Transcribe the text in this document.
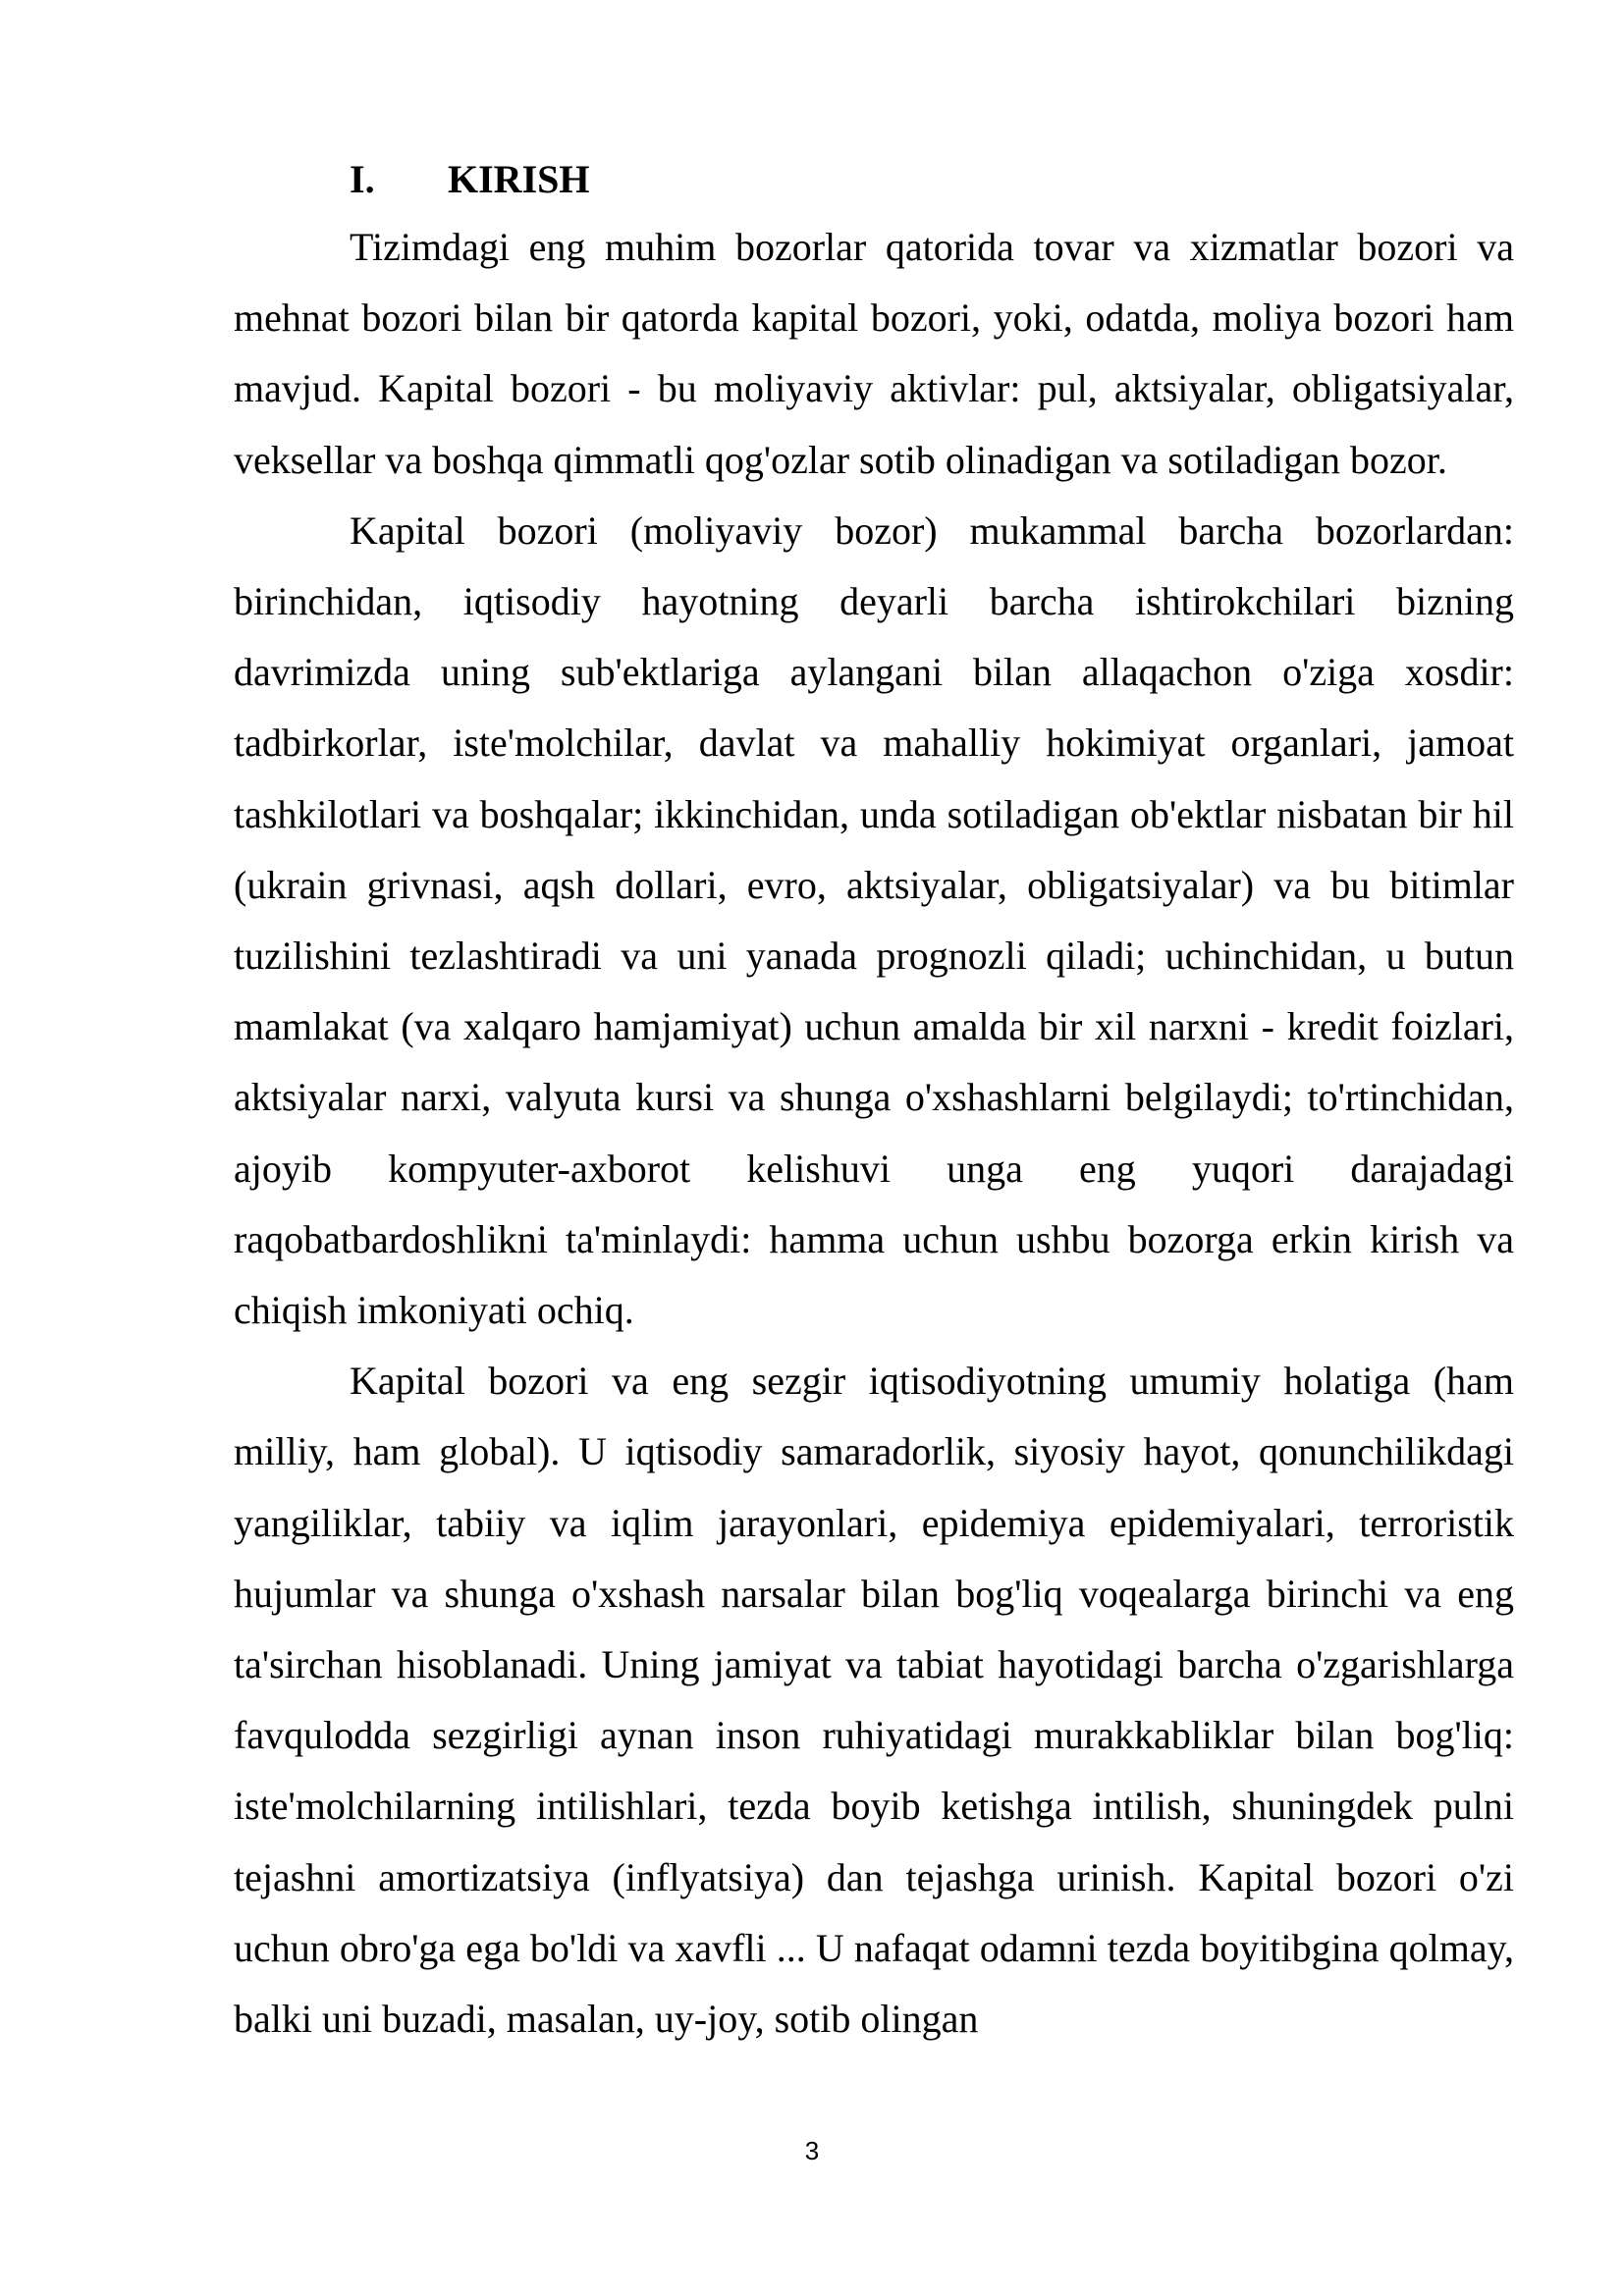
I. KIRISH

Tizimdagi eng muhim bozorlar qatorida tovar va xizmatlar bozori va mehnat bozori bilan bir qatorda kapital bozori, yoki, odatda, moliya bozori ham mavjud. Kapital bozori - bu moliyaviy aktivlar: pul, aktsiyalar, obligatsiyalar, veksellar va boshqa qimmatli qog'ozlar sotib olinadigan va sotiladigan bozor.

Kapital bozori (moliyaviy bozor) mukammal barcha bozorlardan: birinchidan, iqtisodiy hayotning deyarli barcha ishtirokchilari bizning davrimizda uning sub'ektlariga aylangani bilan allaqachon o'ziga xosdir: tadbirkorlar, iste'molchilar, davlat va mahalliy hokimiyat organlari, jamoat tashkilotlari va boshqalar; ikkinchidan, unda sotiladigan ob'ektlar nisbatan bir hil (ukrain grivnasi, aqsh dollari, evro, aktsiyalar, obligatsiyalar) va bu bitimlar tuzilishini tezlashtiradi va uni yanada prognozli qiladi; uchinchidan, u butun mamlakat (va xalqaro hamjamiyat) uchun amalda bir xil narxni - kredit foizlari, aktsiyalar narxi, valyuta kursi va shunga o'xshashlarni belgilaydi; to'rtinchidan, ajoyib kompyuter-axborot kelishuvi unga eng yuqori darajadagi raqobatbardoshlikni ta'minlaydi: hamma uchun ushbu bozorga erkin kirish va chiqish imkoniyati ochiq.

Kapital bozori va eng sezgir iqtisodiyotning umumiy holatiga (ham milliy, ham global). U iqtisodiy samaradorlik, siyosiy hayot, qonunchilikdagi yangiliklar, tabiiy va iqlim jarayonlari, epidemiya epidemiyalari, terroristik hujumlar va shunga o'xshash narsalar bilan bog'liq voqealarga birinchi va eng ta'sirchan hisoblanadi. Uning jamiyat va tabiat hayotidagi barcha o'zgarishlarga favqulodda sezgirligi aynan inson ruhiyatidagi murakkabliklar bilan bog'liq: iste'molchilarning intilishlari, tezda boyib ketishga intilish, shuningdek pulni tejashni amortizatsiya (inflyatsiya) dan tejashga urinish. Kapital bozori o'zi uchun obro'ga ega bo'ldi va xavfli ... U nafaqat odamni tezda boyitibgina qolmay, balki uni buzadi, masalan, uy-joy, sotib olingan

3
